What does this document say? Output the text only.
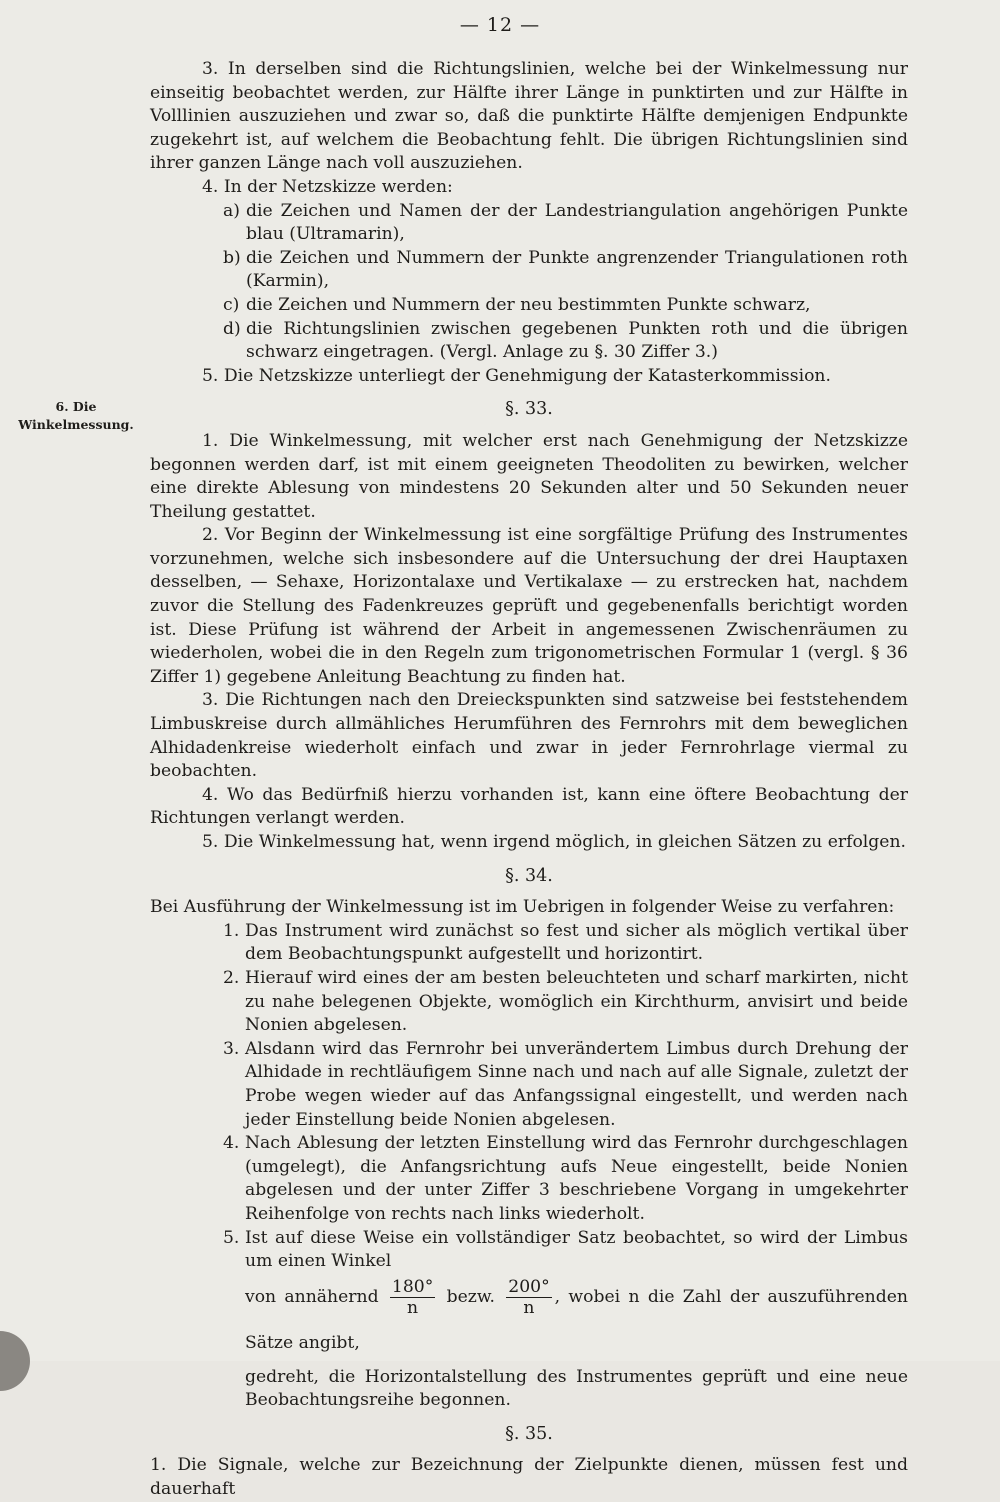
— 12 —
6. Die
Winkelmessung.

3. In derselben sind die Richtungslinien, welche bei der Winkelmessung nur einseitig beobachtet werden, zur Hälfte ihrer Länge in punktirten und zur Hälfte in Volllinien auszuziehen und zwar so, daß die punktirte Hälfte demjenigen Endpunkte zugekehrt ist, auf welchem die Beobachtung fehlt. Die übrigen Richtungslinien sind ihrer ganzen Länge nach voll auszuziehen.

4. In der Netzskizze werden:

a) die Zeichen und Namen der der Landestriangulation angehörigen Punkte blau (Ultramarin),
b) die Zeichen und Nummern der Punkte angrenzender Triangulationen roth (Karmin),
c) die Zeichen und Nummern der neu bestimmten Punkte schwarz,
d) die Richtungslinien zwischen gegebenen Punkten roth und die übrigen schwarz eingetragen. (Vergl. Anlage zu §. 30 Ziffer 3.)

5. Die Netzskizze unterliegt der Genehmigung der Katasterkommission.

§. 33.

1. Die Winkelmessung, mit welcher erst nach Genehmigung der Netzskizze begonnen werden darf, ist mit einem geeigneten Theodoliten zu bewirken, welcher eine direkte Ablesung von mindestens 20 Sekunden alter und 50 Sekunden neuer Theilung gestattet.

2. Vor Beginn der Winkelmessung ist eine sorgfältige Prüfung des Instrumentes vorzunehmen, welche sich insbesondere auf die Untersuchung der drei Hauptaxen desselben, — Sehaxe, Horizontalaxe und Vertikalaxe — zu erstrecken hat, nachdem zuvor die Stellung des Fadenkreuzes geprüft und gegebenenfalls berichtigt worden ist. Diese Prüfung ist während der Arbeit in angemessenen Zwischenräumen zu wiederholen, wobei die in den Regeln zum trigonometrischen Formular 1 (vergl. § 36 Ziffer 1) gegebene Anleitung Beachtung zu finden hat.

3. Die Richtungen nach den Dreieckspunkten sind satzweise bei feststehendem Limbuskreise durch allmähliches Herumführen des Fernrohrs mit dem beweglichen Alhidadenkreise wiederholt einfach und zwar in jeder Fernrohrlage viermal zu beobachten.

4. Wo das Bedürfniß hierzu vorhanden ist, kann eine öftere Beobachtung der Richtungen verlangt werden.

5. Die Winkelmessung hat, wenn irgend möglich, in gleichen Sätzen zu erfolgen.

§. 34.

Bei Ausführung der Winkelmessung ist im Uebrigen in folgender Weise zu verfahren:

1. Das Instrument wird zunächst so fest und sicher als möglich vertikal über dem Beobachtungspunkt aufgestellt und horizontirt.
2. Hierauf wird eines der am besten beleuchteten und scharf markirten, nicht zu nahe belegenen Objekte, womöglich ein Kirchthurm, anvisirt und beide Nonien abgelesen.
3. Alsdann wird das Fernrohr bei unverändertem Limbus durch Drehung der Alhidade in rechtläufigem Sinne nach und nach auf alle Signale, zuletzt der Probe wegen wieder auf das Anfangssignal eingestellt, und werden nach jeder Einstellung beide Nonien abgelesen.
4. Nach Ablesung der letzten Einstellung wird das Fernrohr durchgeschlagen (umgelegt), die Anfangsrichtung aufs Neue eingestellt, beide Nonien abgelesen und der unter Ziffer 3 beschriebene Vorgang in umgekehrter Reihenfolge von rechts nach links wiederholt.
5. Ist auf diese Weise ein vollständiger Satz beobachtet, so wird der Limbus um einen Winkel
von annähernd $\frac{180^\circ}{n}$ bezw. $\frac{200^\circ}{n}$ , wobei n die Zahl der auszuführenden Sätze angibt,
gedreht, die Horizontalstellung des Instrumentes geprüft und eine neue Beobachtungsreihe begonnen.
§. 35.

1. Die Signale, welche zur Bezeichnung der Zielpunkte dienen, müssen fest und dauerhaft
